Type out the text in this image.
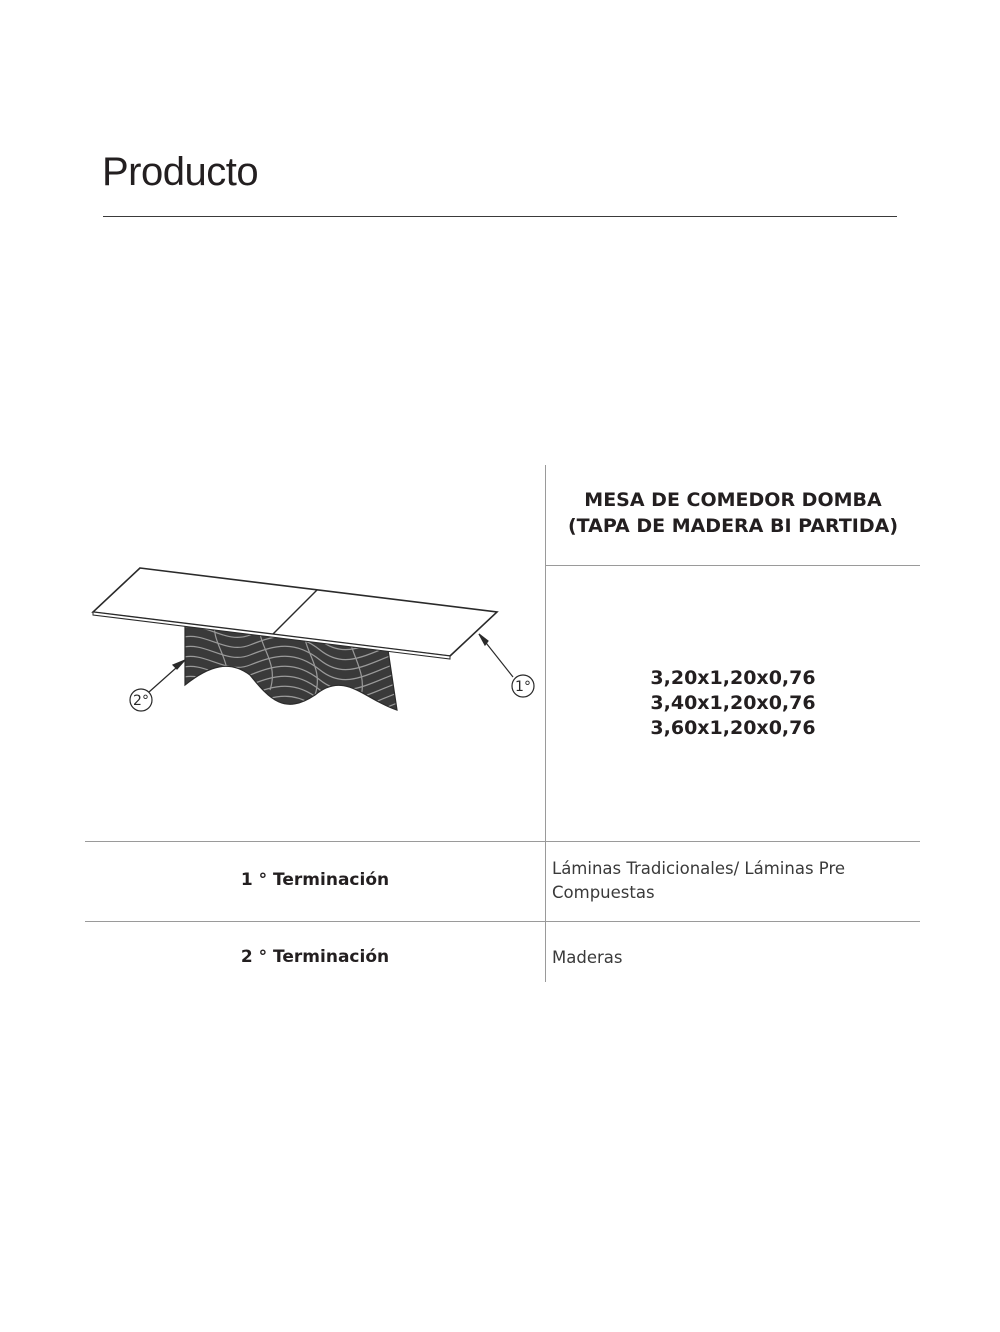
Producto
1°
2°
MESA DE COMEDOR DOMBA
(TAPA DE MADERA BI PARTIDA)
3,20x1,20x0,76
3,40x1,20x0,76
3,60x1,20x0,76
1 ° Terminación
Láminas Tradicionales/ Láminas Pre Compuestas
2 ° Terminación	Maderas
